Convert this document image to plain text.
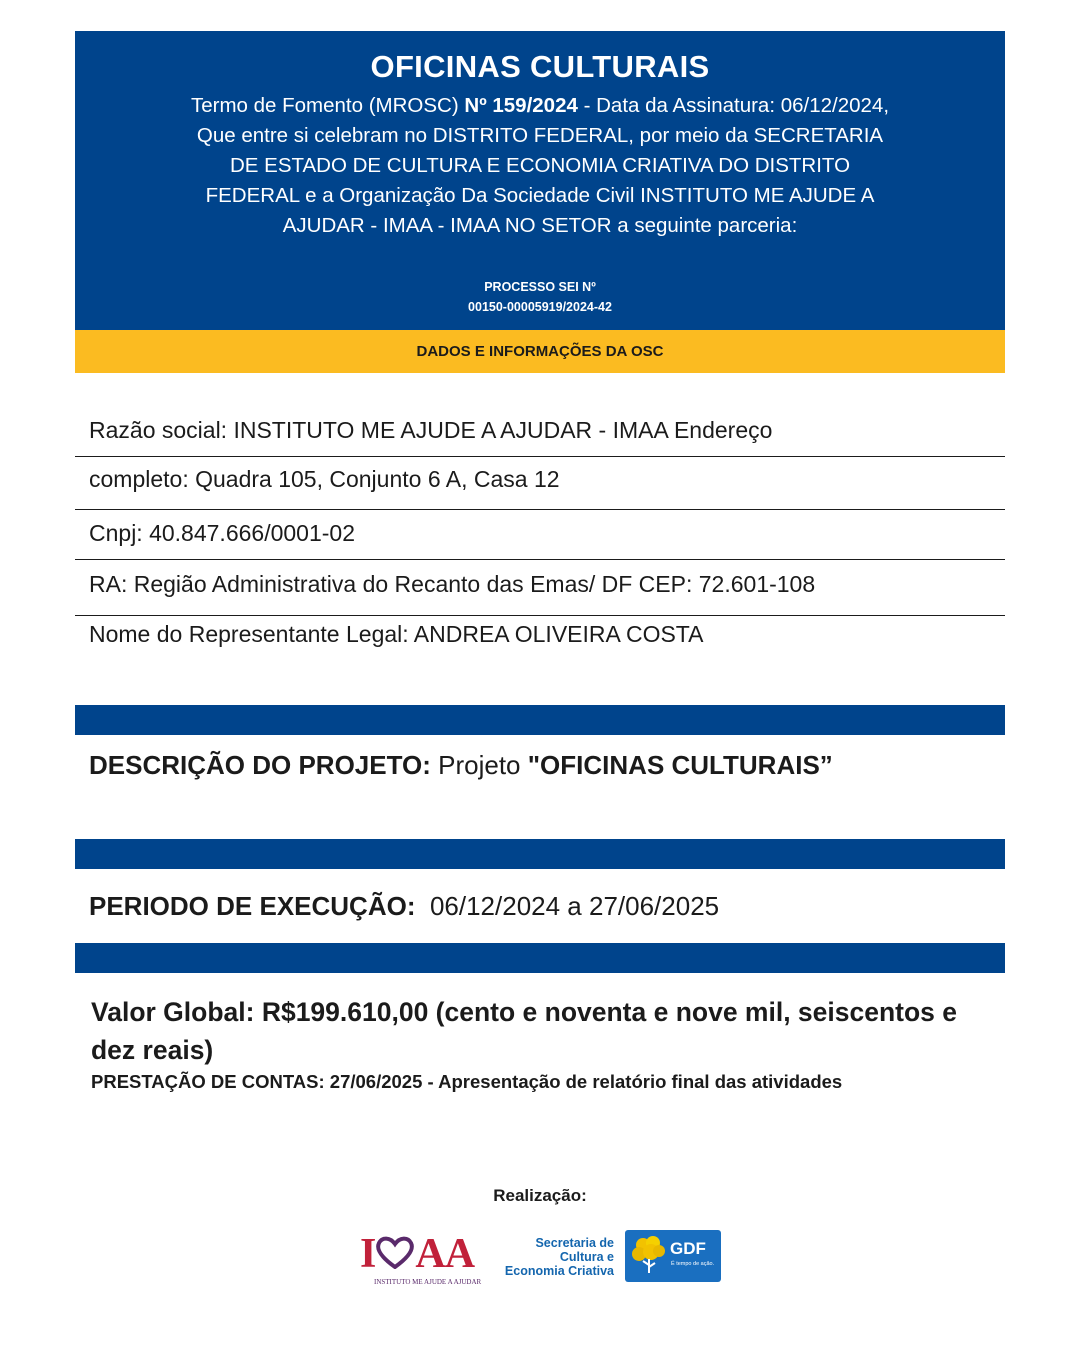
OFICINAS CULTURAIS
Termo de Fomento (MROSC) Nº 159/2024 - Data da Assinatura: 06/12/2024, Que entre si celebram no DISTRITO FEDERAL, por meio da SECRETARIA DE ESTADO DE CULTURA E ECONOMIA CRIATIVA DO DISTRITO FEDERAL e a Organização Da Sociedade Civil INSTITUTO ME AJUDE A AJUDAR - IMAA - IMAA NO SETOR a seguinte parceria:
PROCESSO SEI Nº
00150-00005919/2024-42
DADOS E INFORMAÇÕES DA OSC
Razão social: INSTITUTO ME AJUDE A AJUDAR - IMAA Endereço
completo: Quadra 105, Conjunto 6 A, Casa 12
Cnpj: 40.847.666/0001-02
RA: Região Administrativa do Recanto das Emas/ DF CEP: 72.601-108
Nome do Representante Legal: ANDREA OLIVEIRA COSTA
DESCRIÇÃO DO PROJETO: Projeto "OFICINAS CULTURAIS”
PERIODO DE EXECUÇÃO: 06/12/2024 a 27/06/2025
Valor Global: R$199.610,00 (cento e noventa e nove mil, seiscentos e dez reais)
PRESTAÇÃO DE CONTAS: 27/06/2025 - Apresentação de relatório final das atividades
Realização:
I AA
INSTITUTO ME AJUDE A AJUDAR
Secretaria de
Cultura e
Economia Criativa
GDF
É tempo de ação.
